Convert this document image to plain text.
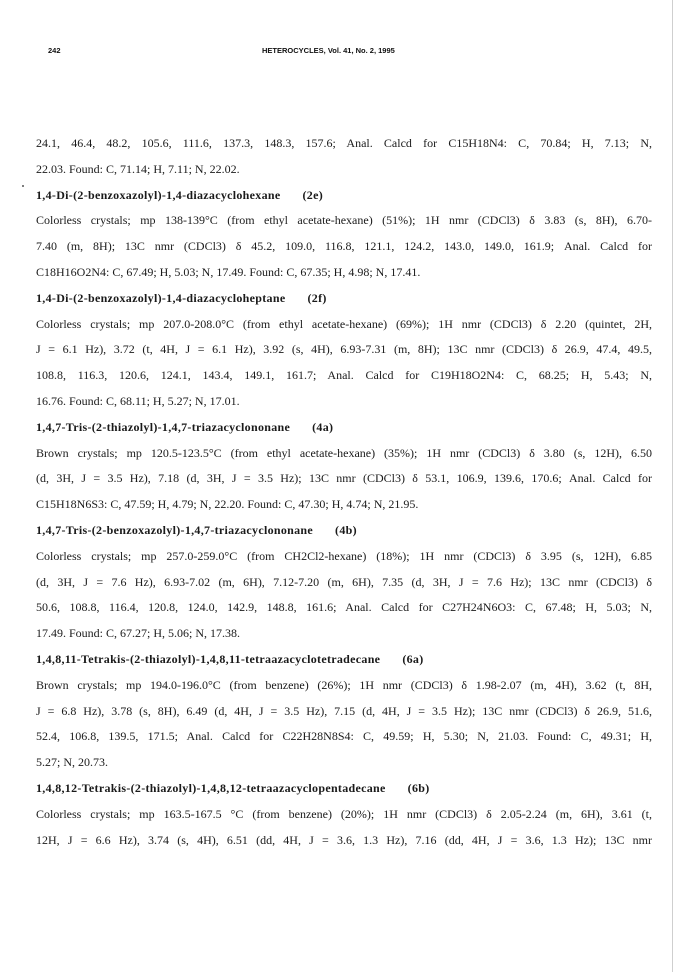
242	HETEROCYCLES, Vol. 41, No. 2, 1995
24.1, 46.4, 48.2, 105.6, 111.6, 137.3, 148.3, 157.6; Anal. Calcd for C15H18N4: C, 70.84; H, 7.13; N,
22.03. Found: C, 71.14; H, 7.11; N, 22.02.
1,4-Di-(2-benzoxazolyl)-1,4-diazacyclohexane (2e)
Colorless crystals; mp 138-139°C (from ethyl acetate-hexane) (51%); 1H nmr (CDCl3) δ 3.83 (s, 8H), 6.70-
7.40 (m, 8H); 13C nmr (CDCl3) δ 45.2, 109.0, 116.8, 121.1, 124.2, 143.0, 149.0, 161.9; Anal. Calcd for
C18H16O2N4: C, 67.49; H, 5.03; N, 17.49. Found: C, 67.35; H, 4.98; N, 17.41.
1,4-Di-(2-benzoxazolyl)-1,4-diazacycloheptane (2f)
Colorless crystals; mp 207.0-208.0°C (from ethyl acetate-hexane) (69%); 1H nmr (CDCl3) δ 2.20 (quintet, 2H,
J = 6.1 Hz), 3.72 (t, 4H, J = 6.1 Hz), 3.92 (s, 4H), 6.93-7.31 (m, 8H); 13C nmr (CDCl3) δ 26.9, 47.4, 49.5,
108.8, 116.3, 120.6, 124.1, 143.4, 149.1, 161.7; Anal. Calcd for C19H18O2N4: C, 68.25; H, 5.43; N,
16.76. Found: C, 68.11; H, 5.27; N, 17.01.
1,4,7-Tris-(2-thiazolyl)-1,4,7-triazacyclononane (4a)
Brown crystals; mp 120.5-123.5°C (from ethyl acetate-hexane) (35%); 1H nmr (CDCl3) δ 3.80 (s, 12H), 6.50
(d, 3H, J = 3.5 Hz), 7.18 (d, 3H, J = 3.5 Hz); 13C nmr (CDCl3) δ 53.1, 106.9, 139.6, 170.6; Anal. Calcd for
C15H18N6S3: C, 47.59; H, 4.79; N, 22.20. Found: C, 47.30; H, 4.74; N, 21.95.
1,4,7-Tris-(2-benzoxazolyl)-1,4,7-triazacyclononane (4b)
Colorless crystals; mp 257.0-259.0°C (from CH2Cl2-hexane) (18%); 1H nmr (CDCl3) δ 3.95 (s, 12H), 6.85
(d, 3H, J = 7.6 Hz), 6.93-7.02 (m, 6H), 7.12-7.20 (m, 6H), 7.35 (d, 3H, J = 7.6 Hz); 13C nmr (CDCl3) δ
50.6, 108.8, 116.4, 120.8, 124.0, 142.9, 148.8, 161.6; Anal. Calcd for C27H24N6O3: C, 67.48; H, 5.03; N,
17.49. Found: C, 67.27; H, 5.06; N, 17.38.
1,4,8,11-Tetrakis-(2-thiazolyl)-1,4,8,11-tetraazacyclotetradecane (6a)
Brown crystals; mp 194.0-196.0°C (from benzene) (26%); 1H nmr (CDCl3) δ 1.98-2.07 (m, 4H), 3.62 (t, 8H,
J = 6.8 Hz), 3.78 (s, 8H), 6.49 (d, 4H, J = 3.5 Hz), 7.15 (d, 4H, J = 3.5 Hz); 13C nmr (CDCl3) δ 26.9, 51.6,
52.4, 106.8, 139.5, 171.5; Anal. Calcd for C22H28N8S4: C, 49.59; H, 5.30; N, 21.03. Found: C, 49.31; H,
5.27; N, 20.73.
1,4,8,12-Tetrakis-(2-thiazolyl)-1,4,8,12-tetraazacyclopentadecane (6b)
Colorless crystals; mp 163.5-167.5 °C (from benzene) (20%); 1H nmr (CDCl3) δ 2.05-2.24 (m, 6H), 3.61 (t,
12H, J = 6.6 Hz), 3.74 (s, 4H), 6.51 (dd, 4H, J = 3.6, 1.3 Hz), 7.16 (dd, 4H, J = 3.6, 1.3 Hz); 13C nmr
